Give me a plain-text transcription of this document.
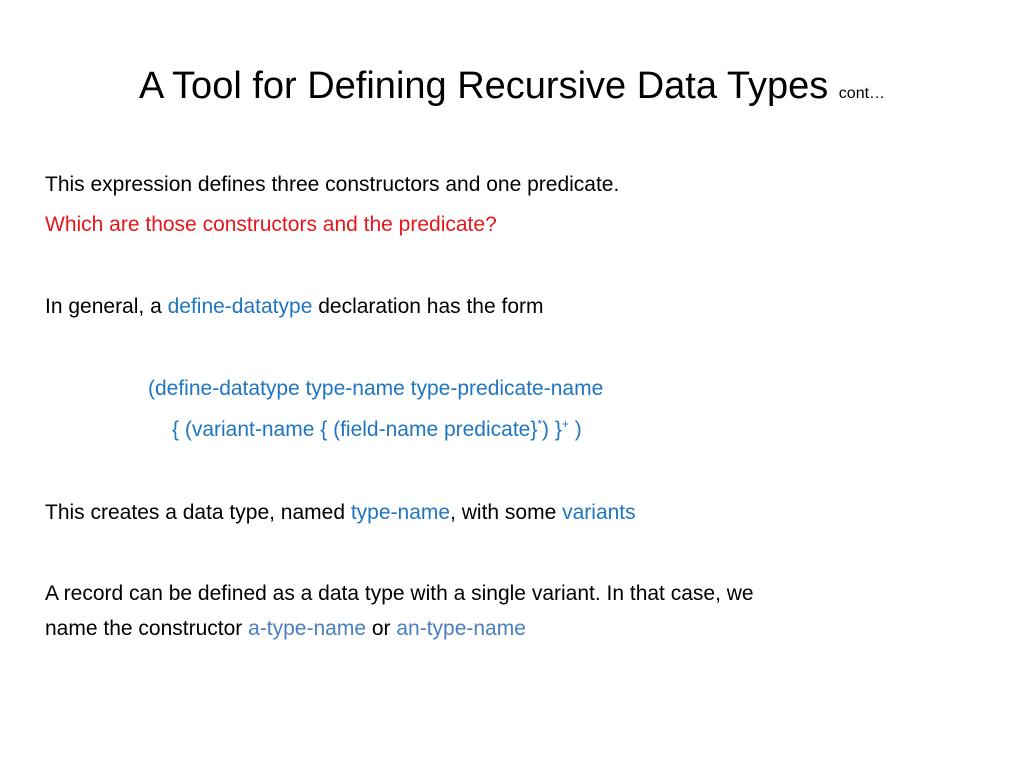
A Tool for Defining Recursive Data Types cont…
This expression defines three constructors and one predicate.
Which are those constructors and the predicate?
In general, a define-datatype declaration has the form
(define-datatype type-name type-predicate-name
{ (variant-name { (field-name predicate}*) }+ )
This creates a data type, named type-name, with some variants
A record can be defined as a data type with a single variant. In that case, we
name the constructor a-type-name or an-type-name
